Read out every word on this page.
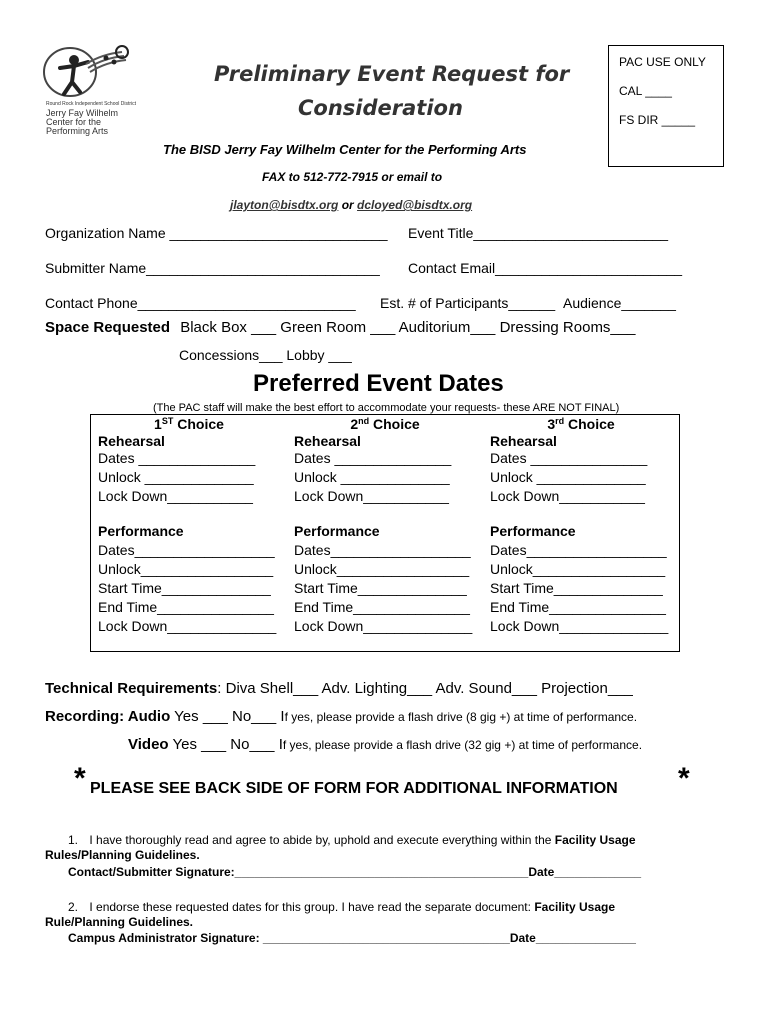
Round Rock Independent School District
Jerry Fay Wilhelm
Center for the
Performing Arts
PAC USE ONLY
CAL ____
FS DIR _____
Preliminary Event Request for
Consideration
The BISD Jerry Fay Wilhelm Center for the Performing Arts
FAX to 512-772-7915 or email to
jlayton@bisdtx.org or dcloyed@bisdtx.org
Organization Name ____________________________ Event Title_________________________
Submitter Name______________________________ Contact Email________________________
Contact Phone____________________________ Est. # of Participants______ Audience_______
Space Requested Black Box ___ Green Room ___ Auditorium___ Dressing Rooms___
Concessions___ Lobby ___
Preferred Event Dates
(The PAC staff will make the best effort to accommodate your requests- these ARE NOT FINAL)
1ST Choice
Rehearsal
Dates _______________
Unlock ______________
Lock Down___________
Performance
Dates__________________
Unlock_________________
Start Time______________
End Time_______________
Lock Down______________
2nd Choice
Rehearsal
Dates _______________
Unlock ______________
Lock Down___________
Performance
Dates__________________
Unlock_________________
Start Time______________
End Time_______________
Lock Down______________
3rd Choice
Rehearsal
Dates _______________
Unlock ______________
Lock Down___________
Performance
Dates__________________
Unlock_________________
Start Time______________
End Time_______________
Lock Down______________
Technical Requirements: Diva Shell___ Adv. Lighting___ Adv. Sound___ Projection___
Recording: Audio Yes ___ No___ If yes, please provide a flash drive (8 gig +) at time of performance.
Video Yes ___ No___ If yes, please provide a flash drive (32 gig +) at time of performance.
* PLEASE SEE BACK SIDE OF FORM FOR ADDITIONAL INFORMATION *
1. I have thoroughly read and agree to abide by, uphold and execute everything within the Facility Usage
Rules/Planning Guidelines.
Contact/Submitter Signature:____________________________________________Date_____________
2. I endorse these requested dates for this group. I have read the separate document: Facility Usage
Rule/Planning Guidelines.
Campus Administrator Signature: _____________________________________Date_______________
